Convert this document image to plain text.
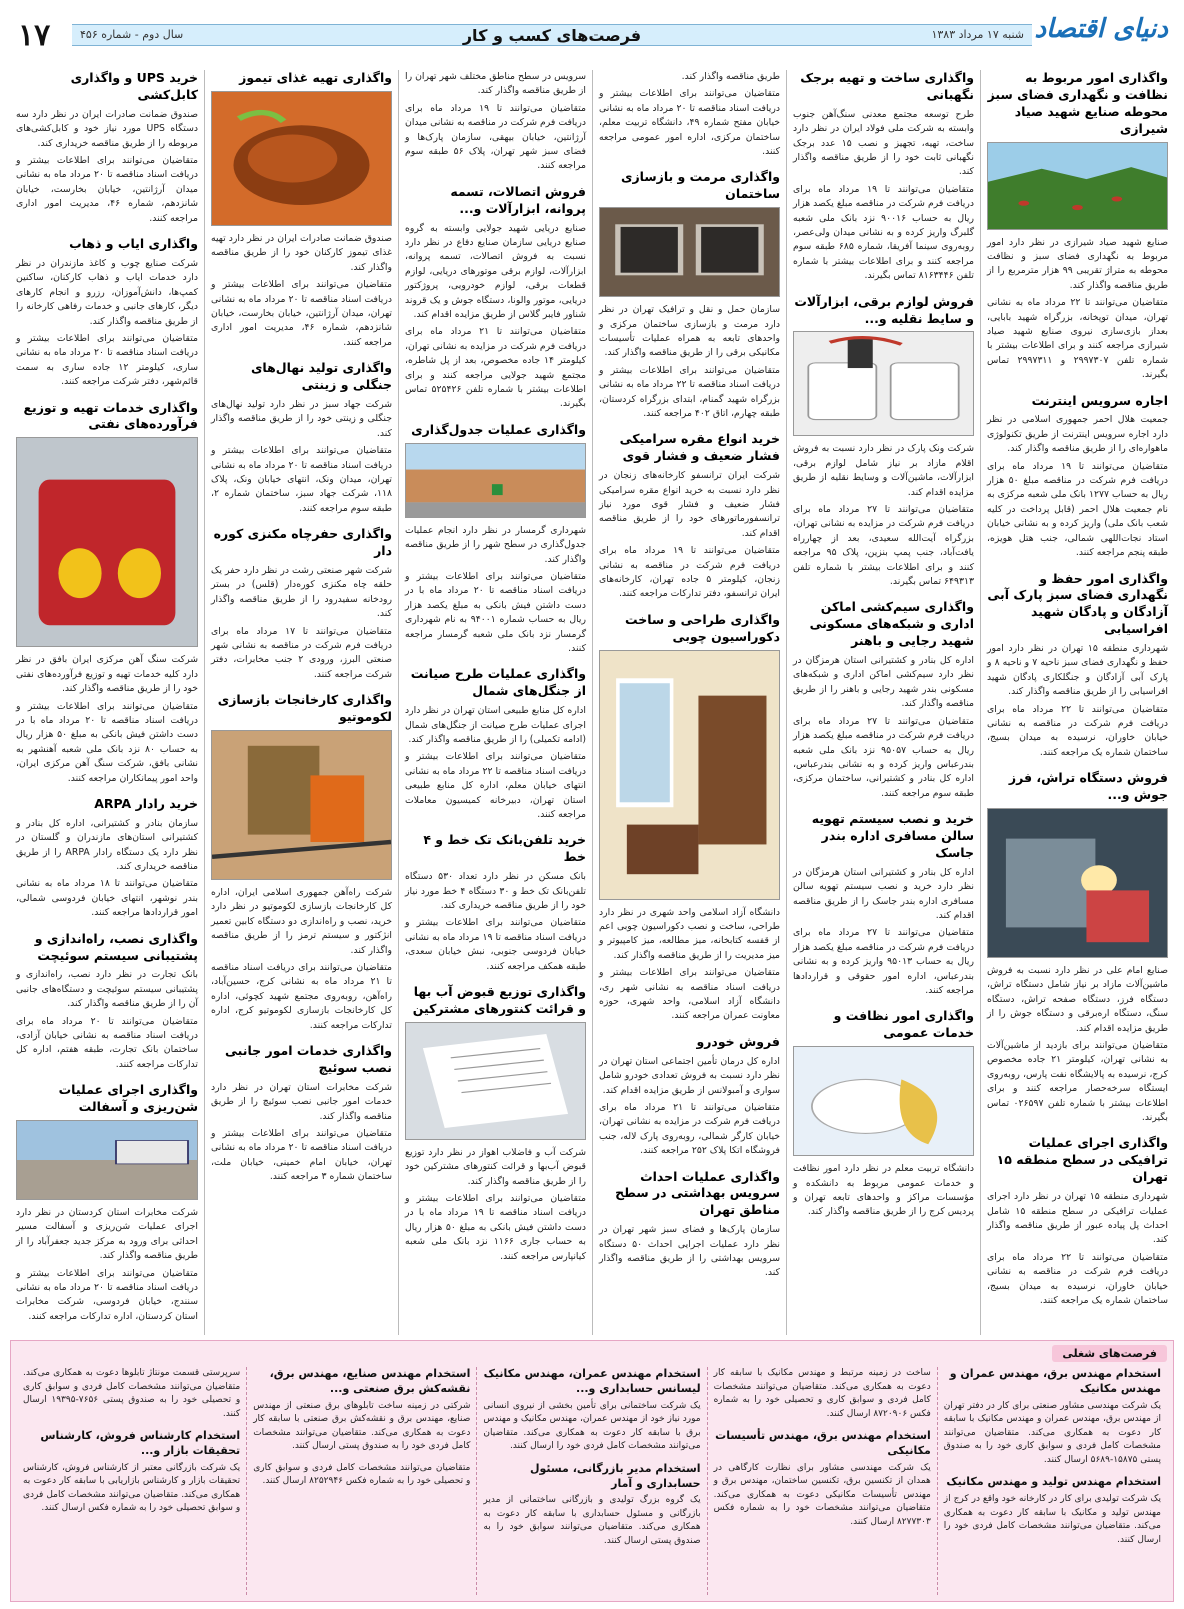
سال دوم - شماره ۴۵۶	فرصت‌های کسب و کار	شنبه ۱۷ مرداد ۱۳۸۳ دنیای اقتصاد
۱۷
واگذاری امور مربوط به نظافت و نگهداری فضای سبز محوطه صنایع شهید صیاد شیرازی

صنایع شهید صیاد شیرازی در نظر دارد امور مربوط به نگهداری فضای سبز و نظافت محوطه به متراژ تقریبی ۹۹ هزار مترمربع را از طریق مناقصه واگذار کند.

متقاضیان می‌توانند تا ۲۲ مرداد ماه به نشانی تهران، میدان توپخانه، بزرگراه شهید بابایی، بعداز بازی‌سازی نیروی صنایع شهید صیاد شیرازی مراجعه کنند و برای اطلاعات بیشتر با شماره تلفن ۲۹۹۷۳۰۷ و ۲۹۹۷۳۱۱ تماس بگیرند.

اجاره سرویس اینترنت

جمعیت هلال احمر جمهوری اسلامی در نظر دارد اجاره سرویس اینترنت از طریق تکنولوژی ماهواره‌ای را از طریق مناقصه واگذار کند.

متقاضیان می‌توانند تا ۱۹ مرداد ماه برای دریافت فرم شرکت در مناقصه مبلغ ۵۰ هزار ریال به حساب ۱۲۷۷ بانک ملی شعبه مرکزی به نام جمعیت هلال احمر (قابل پرداخت در کلیه شعب بانک ملی) واریز کرده و به نشانی خیابان استاد نجات‌اللهی شمالی، جنب هتل هویزه، طبقه پنجم مراجعه کنند.

واگذاری امور حفظ و نگهداری فضای سبز پارک آبی آزادگان و پادگان شهید افراسیابی

شهرداری منطقه ۱۵ تهران در نظر دارد امور حفظ و نگهداری فضای سبز ناحیه ۷ و ناحیه ۸ و پارک آبی آزادگان و جنگلکاری پادگان شهید افراسیابی را از طریق مناقصه واگذار کند.

متقاضیان می‌توانند تا ۲۲ مرداد ماه برای دریافت فرم شرکت در مناقصه به نشانی خیابان خاوران، نرسیده به میدان بسیج، ساختمان شماره یک مراجعه کنند.

فروش دستگاه تراش، فرز جوش و...

صنایع امام علی در نظر دارد نسبت به فروش ماشین‌آلات مازاد بر نیاز شامل دستگاه تراش، دستگاه فرز، دستگاه صفحه تراش، دستگاه سنگ، دستگاه اره‌برقی و دستگاه جوش را از طریق مزایده اقدام کند.

متقاضیان می‌توانند برای بازدید از ماشین‌آلات به نشانی تهران، کیلومتر ۲۱ جاده مخصوص کرج، نرسیده به پالایشگاه نفت پارس، روبه‌روی ایستگاه سرخه‌حصار مراجعه کنند و برای اطلاعات بیشتر با شماره تلفن ۰۲۶۵۹۷ تماس بگیرند.

واگذاری اجرای عملیات ترافیکی در سطح منطقه ۱۵ تهران

شهرداری منطقه ۱۵ تهران در نظر دارد اجرای عملیات ترافیکی در سطح منطقه ۱۵ شامل احداث پل پیاده عبور از طریق مناقصه واگذار کند.

متقاضیان می‌توانند تا ۲۲ مرداد ماه برای دریافت فرم شرکت در مناقصه به نشانی خیابان خاوران، نرسیده به میدان بسیج، ساختمان شماره یک مراجعه کنند.

واگذاری ساخت و تهیه برجک نگهبانی

طرح توسعه مجتمع معدنی سنگ‌آهن جنوب وابسته به شرکت ملی فولاد ایران در نظر دارد ساخت، تهیه، تجهیز و نصب ۱۵ عدد برجک نگهبانی ثابت خود را از طریق مناقصه واگذار کند.

متقاضیان می‌توانند تا ۱۹ مرداد ماه برای دریافت فرم شرکت در مناقصه مبلغ یکصد هزار ریال به حساب ۹۰۰۱۶ نزد بانک ملی شعبه گلبرگ واریز کرده و به نشانی میدان ولی‌عصر، روبه‌روی سینما آفریقا، شماره ۶۸۵ طبقه سوم مراجعه کنند و برای اطلاعات بیشتر با شماره تلفن ۸۱۶۳۴۴۶ تماس بگیرند.

فروش لوازم برقی، ابزارآلات و سایط نقلیه و...

شرکت ونک پارک در نظر دارد نسبت به فروش اقلام مازاد بر نیاز شامل لوازم برقی، ابزارآلات، ماشین‌آلات و وسایط نقلیه از طریق مزایده اقدام کند.

متقاضیان می‌توانند تا ۲۷ مرداد ماه برای دریافت فرم شرکت در مزایده به نشانی تهران، بزرگراه آیت‌الله سعیدی، بعد از چهارراه یافت‌آباد، جنب پمپ بنزین، پلاک ۹۵ مراجعه کنند و برای اطلاعات بیشتر با شماره تلفن ۶۴۹۳۱۳ تماس بگیرند.

واگذاری سیم‌کشی اماکن اداری و شبکه‌های مسکونی شهید رجایی و باهنر

اداره کل بنادر و کشتیرانی استان هرمزگان در نظر دارد سیم‌کشی اماکن اداری و شبکه‌های مسکونی بندر شهید رجایی و باهنر را از طریق مناقصه واگذار کند.

متقاضیان می‌توانند تا ۲۷ مرداد ماه برای دریافت فرم شرکت در مناقصه مبلغ یکصد هزار ریال به حساب ۹۵۰۵۷ نزد بانک ملی شعبه بندرعباس واریز کرده و به نشانی بندرعباس، اداره کل بنادر و کشتیرانی، ساختمان مرکزی، طبقه سوم مراجعه کنند.

خرید و نصب سیستم تهویه سالن مسافری اداره بندر جاسک

اداره کل بنادر و کشتیرانی استان هرمزگان در نظر دارد خرید و نصب سیستم تهویه سالن مسافری اداره بندر جاسک را از طریق مناقصه اقدام کند.

متقاضیان می‌توانند تا ۲۷ مرداد ماه برای دریافت فرم شرکت در مناقصه مبلغ یکصد هزار ریال به حساب ۹۵۰۱۳ واریز کرده و به نشانی بندرعباس، اداره امور حقوقی و قراردادها مراجعه کنند.

واگذاری امور نظافت و خدمات عمومی

دانشگاه تربیت معلم در نظر دارد امور نظافت و خدمات عمومی مربوط به دانشکده و مؤسسات مراکز و واحدهای تابعه تهران و پردیس کرج را از طریق مناقصه واگذار کند.

طریق مناقصه واگذار کند.

متقاضیان می‌توانند برای اطلاعات بیشتر و دریافت اسناد مناقصه تا ۲۰ مرداد ماه به نشانی خیابان مفتح شماره ۴۹، دانشگاه تربیت معلم، ساختمان مرکزی، اداره امور عمومی مراجعه کنند.

واگذاری مرمت و بازسازی ساختمان

سازمان حمل و نقل و ترافیک تهران در نظر دارد مرمت و بازسازی ساختمان مرکزی و واحدهای تابعه به همراه عملیات تأسیسات مکانیکی برقی را از طریق مناقصه واگذار کند.

متقاضیان می‌توانند برای اطلاعات بیشتر و دریافت اسناد مناقصه تا ۲۲ مرداد ماه به نشانی بزرگراه شهید گمنام، ابتدای بزرگراه کردستان، طبقه چهارم، اتاق ۴۰۲ مراجعه کنند.

خرید انواع مقره سرامیکی فشار ضعیف و فشار قوی

شرکت ایران ترانسفو کارخانه‌های زنجان در نظر دارد نسبت به خرید انواع مقره سرامیکی فشار ضعیف و فشار قوی مورد نیاز ترانسفورماتورهای خود را از طریق مناقصه اقدام کند.

متقاضیان می‌توانند تا ۱۹ مرداد ماه برای دریافت فرم شرکت در مناقصه به نشانی زنجان، کیلومتر ۵ جاده تهران، کارخانه‌های ایران ترانسفو، دفتر تدارکات مراجعه کنند.

واگذاری طراحی و ساخت دکوراسیون چوبی

دانشگاه آزاد اسلامی واحد شهری در نظر دارد طراحی، ساخت و نصب دکوراسیون چوبی اعم از قفسه کتابخانه، میز مطالعه، میز کامپیوتر و میز مدیریت را از طریق مناقصه واگذار کند.

متقاضیان می‌توانند برای اطلاعات بیشتر و دریافت اسناد مناقصه به نشانی شهر ری، دانشگاه آزاد اسلامی، واحد شهری، حوزه معاونت عمران مراجعه کنند.

فروش خودرو

اداره کل درمان تأمین اجتماعی استان تهران در نظر دارد نسبت به فروش تعدادی خودرو شامل سواری و آمبولانس از طریق مزایده اقدام کند.

متقاضیان می‌توانند تا ۲۱ مرداد ماه برای دریافت فرم شرکت در مزایده به نشانی تهران، خیابان کارگر شمالی، روبه‌روی پارک لاله، جنب فروشگاه اتکا پلاک ۲۵۲ مراجعه کنند.

واگذاری عملیات احداث سرویس بهداشتی در سطح مناطق تهران

سازمان پارک‌ها و فضای سبز شهر تهران در نظر دارد عملیات اجرایی احداث ۵۰ دستگاه سرویس بهداشتی را از طریق مناقصه واگذار کند.

سرویس در سطح مناطق مختلف شهر تهران را از طریق مناقصه واگذار کند.

متقاضیان می‌توانند تا ۱۹ مرداد ماه برای دریافت فرم شرکت در مناقصه به نشانی میدان آرژانتین، خیابان بیهقی، سازمان پارک‌ها و فضای سبز شهر تهران، پلاک ۵۶ طبقه سوم مراجعه کنند.

فروش اتصالات، تسمه پروانه، ابزارآلات و...

صنایع دریایی شهید جولایی وابسته به گروه صنایع دریایی سازمان صنایع دفاع در نظر دارد نسبت به فروش اتصالات، تسمه پروانه، ابزارآلات، لوازم برقی موتورهای دریایی، لوازم قطعات برقی، لوازم خودرویی، پروژکتور دریایی، موتور والونا، دستگاه جوش و یک قروند شناور فایبر گلاس از طریق مزایده اقدام کند.

متقاضیان می‌توانند تا ۲۱ مرداد ماه برای دریافت فرم شرکت در مزایده به نشانی تهران، کیلومتر ۱۴ جاده مخصوص، بعد از پل شاطره، مجتمع شهید جولایی مراجعه کنند و برای اطلاعات بیشتر با شماره تلفن ۵۲۵۴۲۶ تماس بگیرند.

واگذاری عملیات جدول‌گذاری

شهرداری گرمسار در نظر دارد انجام عملیات جدول‌گذاری در سطح شهر را از طریق مناقصه واگذار کند.

متقاضیان می‌توانند برای اطلاعات بیشتر و دریافت اسناد مناقصه تا ۲۰ مرداد ماه با در دست داشتن فیش بانکی به مبلغ یکصد هزار ریال به حساب شماره ۹۴۰۰۱ به نام شهرداری گرمسار نزد بانک ملی شعبه گرمسار مراجعه کنند.

واگذاری عملیات طرح صیانت از جنگل‌های شمال

اداره کل منابع طبیعی استان تهران در نظر دارد اجرای عملیات طرح صیانت از جنگل‌های شمال (ادامه تکمیلی) را از طریق مناقصه واگذار کند.

متقاضیان می‌توانند برای اطلاعات بیشتر و دریافت اسناد مناقصه تا ۲۲ مرداد ماه به نشانی انتهای خیابان معلم، اداره کل منابع طبیعی استان تهران، دبیرخانه کمیسیون معاملات مراجعه کنند.

خرید تلفن‌بانک تک خط و ۴ خط

بانک مسکن در نظر دارد تعداد ۵۳۰ دستگاه تلفن‌بانک تک خط و ۳۰ دستگاه ۴ خط مورد نیاز خود را از طریق مناقصه خریداری کند.

متقاضیان می‌توانند برای اطلاعات بیشتر و دریافت اسناد مناقصه تا ۱۹ مرداد ماه به نشانی خیابان فردوسی جنوبی، نبش خیابان سعدی، طبقه همکف مراجعه کنند.

واگذاری توزیع قبوض آب بها و قرائت کنتورهای مشترکین

شرکت آب و فاضلاب اهواز در نظر دارد توزیع قبوض آب‌بها و قرائت کنتورهای مشترکین خود را از طریق مناقصه واگذار کند.

متقاضیان می‌توانند برای اطلاعات بیشتر و دریافت اسناد مناقصه تا ۱۹ مرداد ماه با در دست داشتن فیش بانکی به مبلغ ۵۰ هزار ریال به حساب جاری ۱۱۶۶ نزد بانک ملی شعبه کیانپارس مراجعه کنند.

واگذاری تهیه غذای تیموز

صندوق ضمانت صادرات ایران در نظر دارد تهیه غذای تیموز کارکنان خود را از طریق مناقصه واگذار کند.

متقاضیان می‌توانند برای اطلاعات بیشتر و دریافت اسناد مناقصه تا ۲۰ مرداد ماه به نشانی تهران، میدان آرژانتین، خیابان بخارست، خیابان شانزدهم، شماره ۴۶، مدیریت امور اداری مراجعه کنند.

واگذاری تولید نهال‌های جنگلی و زینتی

شرکت جهاد سبز در نظر دارد تولید نهال‌های جنگلی و زینتی خود را از طریق مناقصه واگذار کند.

متقاضیان می‌توانند برای اطلاعات بیشتر و دریافت اسناد مناقصه تا ۲۰ مرداد ماه به نشانی تهران، میدان ونک، انتهای خیابان ونک، پلاک ۱۱۸، شرکت جهاد سبز، ساختمان شماره ۲، طبقه سوم مراجعه کنند.

واگذاری حفرچاه مکنزی کوره دار

شرکت شهر صنعتی رشت در نظر دارد حفر یک حلقه چاه مکنزی کوره‌دار (قلس) در بستر رودخانه سفیدرود را از طریق مناقصه واگذار کند.

متقاضیان می‌توانند تا ۱۷ مرداد ماه برای دریافت فرم شرکت در مناقصه به نشانی شهر صنعتی البرز، ورودی ۲ جنب مخابرات، دفتر شرکت مراجعه کنند.

واگذاری کارخانجات بازسازی لکوموتیو

شرکت راه‌آهن جمهوری اسلامی ایران، اداره کل کارخانجات بازسازی لکوموتیو در نظر دارد خرید، نصب و راه‌اندازی دو دستگاه کابین تعمیر انژکتور و سیستم ترمز را از طریق مناقصه واگذار کند.

متقاضیان می‌توانند برای دریافت اسناد مناقصه تا ۲۱ مرداد ماه به نشانی کرج، حسین‌آباد، راه‌آهن، روبه‌روی مجتمع شهید کچوئی، اداره کل کارخانجات بازسازی لکوموتیو کرج، اداره تدارکات مراجعه کنند.

واگذاری خدمات امور جانبی نصب سوئیچ

شرکت مخابرات استان تهران در نظر دارد خدمات امور جانبی نصب سوئیچ را از طریق مناقصه واگذار کند.

متقاضیان می‌توانند برای اطلاعات بیشتر و دریافت اسناد مناقصه تا ۲۰ مرداد ماه به نشانی تهران، خیابان امام خمینی، خیابان ملت، ساختمان شماره ۳ مراجعه کنند.

خرید UPS و واگذاری کابل‌کشی

صندوق ضمانت صادرات ایران در نظر دارد سه دستگاه UPS مورد نیاز خود و کابل‌کشی‌های مربوطه را از طریق مناقصه خریداری کند.

متقاضیان می‌توانند برای اطلاعات بیشتر و دریافت اسناد مناقصه تا ۲۰ مرداد ماه به نشانی میدان آرژانتین، خیابان بخارست، خیابان شانزدهم، شماره ۴۶، مدیریت امور اداری مراجعه کنند.

واگذاری ایاب و ذهاب

شرکت صنایع چوب و کاغذ مازندران در نظر دارد خدمات ایاب و ذهاب کارکنان، ساکنین کمپ‌ها، دانش‌آموزان، رزرو و انجام کارهای دیگر، کارهای جانبی و خدمات رفاهی کارخانه را از طریق مناقصه واگذار کند.

متقاضیان می‌توانند برای اطلاعات بیشتر و دریافت اسناد مناقصه تا ۲۰ مرداد ماه به نشانی ساری، کیلومتر ۱۲ جاده ساری به سمت قائم‌شهر، دفتر شرکت مراجعه کنند.

واگذاری خدمات تهیه و توزیع فرآورده‌های نفتی

شرکت سنگ آهن مرکزی ایران بافق در نظر دارد کلیه خدمات تهیه و توزیع فرآورده‌های نفتی خود را از طریق مناقصه واگذار کند.

متقاضیان می‌توانند برای اطلاعات بیشتر و دریافت اسناد مناقصه تا ۲۰ مرداد ماه با در دست داشتن فیش بانکی به مبلغ ۵۰ هزار ریال به حساب ۸۰ نزد بانک ملی شعبه آهنشهر به نشانی بافق، شرکت سنگ آهن مرکزی ایران، واحد امور پیمانکاران مراجعه کنند.

خرید رادار ARPA

سازمان بنادر و کشتیرانی، اداره کل بنادر و کشتیرانی استان‌های مازندران و گلستان در نظر دارد یک دستگاه رادار ARPA را از طریق مناقصه خریداری کند.

متقاضیان می‌توانند تا ۱۸ مرداد ماه به نشانی بندر نوشهر، انتهای خیابان فردوسی شمالی، امور قراردادها مراجعه کنند.

واگذاری نصب، راه‌اندازی و پشتیبانی سیستم سوئیچت

بانک تجارت در نظر دارد نصب، راه‌اندازی و پشتیبانی سیستم سوئیچت و دستگاه‌های جانبی آن را از طریق مناقصه واگذار کند.

متقاضیان می‌توانند تا ۲۰ مرداد ماه برای دریافت اسناد مناقصه به نشانی خیابان آزادی، ساختمان بانک تجارت، طبقه هفتم، اداره کل تدارکات مراجعه کنند.

واگذاری اجرای عملیات شن‌ریزی و آسفالت

شرکت مخابرات استان کردستان در نظر دارد اجرای عملیات شن‌ریزی و آسفالت مسیر احداثی برای ورود به مرکز جدید جعفرآباد را از طریق مناقصه واگذار کند.

متقاضیان می‌توانند برای اطلاعات بیشتر و دریافت اسناد مناقصه تا ۲۰ مرداد ماه به نشانی سنندج، خیابان فردوسی، شرکت مخابرات استان کردستان، اداره تدارکات مراجعه کنند.

فرصت‌های شغلی
استخدام مهندس برق، مهندس عمران و مهندس مکانیک

یک شرکت مهندسی مشاور صنعتی برای کار در دفتر تهران از مهندس برق، مهندس عمران و مهندس مکانیک با سابقه کار دعوت به همکاری می‌کند. متقاضیان می‌توانند مشخصات کامل فردی و سوابق کاری خود را به صندوق پستی ۱۵۸۷۵-۵۶۸۹ ارسال کنند.

استخدام مهندس تولید و مهندس مکانیک

یک شرکت تولیدی برای کار در کارخانه خود واقع در کرج از مهندس تولید و مکانیک با سابقه کار دعوت به همکاری می‌کند. متقاضیان می‌توانند مشخصات کامل فردی خود را ارسال کنند.

ساخت در زمینه مرتبط و مهندس مکانیک با سابقه کار دعوت به همکاری می‌کند. متقاضیان می‌توانند مشخصات کامل فردی و سوابق کاری و تحصیلی خود را به شماره فکس ۸۷۲۰۹۰۶ ارسال کنند.

استخدام مهندس برق، مهندس تأسیسات مکانیکی

یک شرکت مهندسی مشاور برای نظارت کارگاهی در همدان از تکنسین برق، تکنسین ساختمان، مهندس برق و مهندس تأسیسات مکانیکی دعوت به همکاری می‌کند. متقاضیان می‌توانند مشخصات خود را به شماره فکس ۸۲۷۷۳۰۳ ارسال کنند.

استخدام مهندس عمران، مهندس مکانیک لیسانس حسابداری و...

یک شرکت ساختمانی برای تأمین بخشی از نیروی انسانی مورد نیاز خود از مهندس عمران، مهندس مکانیک و مهندس برق با سابقه کار دعوت به همکاری می‌کند. متقاضیان می‌توانند مشخصات کامل فردی خود را ارسال کنند.

استخدام مدیر بازرگانی، مسئول حسابداری و آمار

یک گروه بزرگ تولیدی و بازرگانی ساختمانی از مدیر بازرگانی و مسئول حسابداری با سابقه کار دعوت به همکاری می‌کند. متقاضیان می‌توانند سوابق خود را به صندوق پستی ارسال کنند.

استخدام مهندس صنایع، مهندس برق، نقشه‌کش برق صنعتی و...

شرکتی در زمینه ساخت تابلوهای برق صنعتی از مهندس صنایع، مهندس برق و نقشه‌کش برق صنعتی با سابقه کار دعوت به همکاری می‌کند. متقاضیان می‌توانند مشخصات کامل فردی خود را به صندوق پستی ارسال کنند.

متقاضیان می‌توانند مشخصات کامل فردی و سوابق کاری و تحصیلی خود را به شماره فکس ۸۲۵۲۹۴۶ ارسال کنند.

سرپرستی قسمت مونتاژ تابلوها دعوت به همکاری می‌کند. متقاضیان می‌توانند مشخصات کامل فردی و سوابق کاری و تحصیلی خود را به صندوق پستی ۷۶۵۶-۱۹۳۹۵ ارسال کنند.

استخدام کارشناس فروش، کارشناس تحقیقات بازار و...

یک شرکت بازرگانی معتبر از کارشناس فروش، کارشناس تحقیقات بازار و کارشناس بازاریابی با سابقه کار دعوت به همکاری می‌کند. متقاضیان می‌توانند مشخصات کامل فردی و سوابق تحصیلی خود را به شماره فکس ارسال کنند.
